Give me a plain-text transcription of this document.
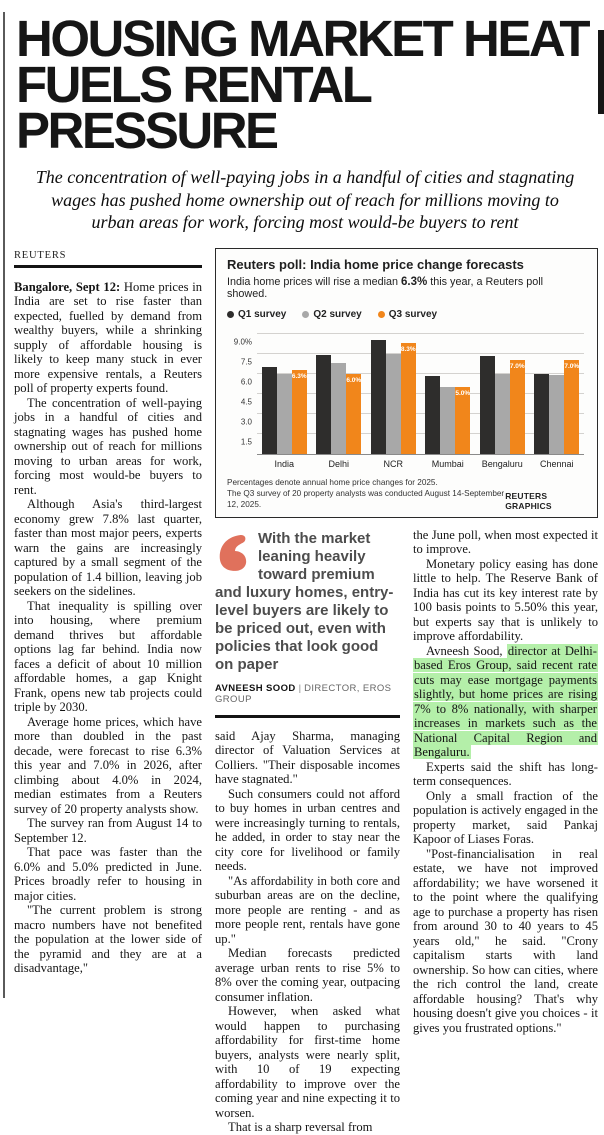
HOUSING MARKET HEAT
FUELS RENTAL PRESSURE
The concentration of well-paying jobs in a handful of cities and stagnating wages has pushed home ownership out of reach for millions moving to urban areas for work, forcing most would-be buyers to rent
REUTERS

Bangalore, Sept 12: Home prices in India are set to rise faster than expected, fuelled by demand from wealthy buyers, while a shrinking supply of affordable housing is likely to keep many stuck in ever more expensive rentals, a Reuters poll of property experts found.

The concentration of well-paying jobs in a handful of cities and stagnating wages has pushed home ownership out of reach for millions moving to urban areas for work, forcing most would-be buyers to rent.

Although Asia's third-largest economy grew 7.8% last quarter, faster than most major peers, experts warn the gains are increasingly captured by a small segment of the population of 1.4 billion, leaving job seekers on the sidelines.

That inequality is spilling over into housing, where premium demand thrives but affordable options lag far behind. India now faces a deficit of about 10 million affordable homes, a gap Knight Frank, opens new tab projects could triple by 2030.

Average home prices, which have more than doubled in the past decade, were forecast to rise 6.3% this year and 7.0% in 2026, after climbing about 4.0% in 2024, median estimates from a Reuters survey of 20 property analysts show.

The survey ran from August 14 to September 12.

That pace was faster than the 6.0% and 5.0% predicted in June. Prices broadly refer to housing in major cities.

"The current problem is strong macro numbers have not benefited the population at the lower side of the pyramid and they are at a disadvantage,"

Reuters poll: India home price change forecasts
India home prices will rise a median 6.3% this year, a Reuters poll showed.
Q1 survey	Q2 survey	Q3 survey
9.0%
7.5
6.0
4.5
3.0
1.5
6.3%
India
6.0%
Delhi
8.3%
NCR
5.0%
Mumbai
7.0%
Bengaluru
7.0%
Chennai
Percentages denote annual home price changes for 2025.
The Q3 survey of 20 property analysts was conducted August 14-September 12, 2025.
REUTERS GRAPHICS
With the market leaning heavily toward premium and luxury homes, entry-level buyers are likely to be priced out, even with policies that look good on paper
AVNEESH SOOD | DIRECTOR, EROS GROUP

said Ajay Sharma, managing director of Valuation Services at Colliers. "Their disposable incomes have stagnated."

Such consumers could not afford to buy homes in urban centres and were increasingly turning to rentals, he added, in order to stay near the city core for livelihood or family needs.

"As affordability in both core and suburban areas are on the decline, more people are renting - and as more people rent, rentals have gone up."

Median forecasts predicted average urban rents to rise 5% to 8% over the coming year, outpacing consumer inflation.

However, when asked what would happen to purchasing affordability for first-time home buyers, analysts were nearly split, with 10 of 19 expecting affordability to improve over the coming year and nine expecting it to worsen.

That is a sharp reversal from

the June poll, when most expected it to improve.

Monetary policy easing has done little to help. The Reserve Bank of India has cut its key interest rate by 100 basis points to 5.50% this year, but experts say that is unlikely to improve affordability.

Avneesh Sood, director at Delhi-based Eros Group, said recent rate cuts may ease mortgage payments slightly, but home prices are rising 7% to 8% nationally, with sharper increases in markets such as the National Capital Region and Bengaluru.

Experts said the shift has long-term consequences.

Only a small fraction of the population is actively engaged in the property market, said Pankaj Kapoor of Liases Foras.

"Post-financialisation in real estate, we have not improved affordability; we have worsened it to the point where the qualifying age to purchase a property has risen from around 30 to 40 years to 45 years old," he said. "Crony capitalism starts with land ownership. So how can cities, where the rich control the land, create affordable housing? That's why housing doesn't give you choices - it gives you frustrated options."
